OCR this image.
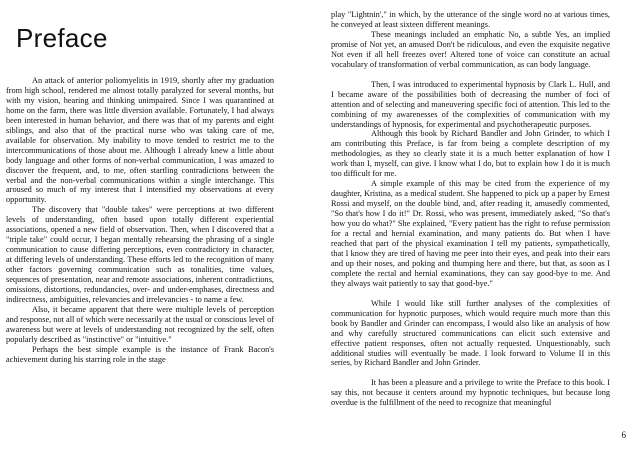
Preface

An attack of anterior poliomyelitis in 1919, shortly after my graduation from high school, rendered me almost totally paralyzed for several months, but with my vision, hearing and thinking unimpaired. Since I was quarantined at home on the farm, there was little diversion available. Fortunately, I had always been interested in human behavior, and there was that of my parents and eight siblings, and also that of the practical nurse who was taking care of me, available for observation. My inability to move tended to restrict me to the intercommunications of those about me. Although I already knew a little about body language and other forms of non-verbal communication, I was amazed to discover the frequent, and, to me, often startling contradictions between the verbal and the non-verbal communications within a single interchange. This aroused so much of my interest that I intensified my observations at every opportunity.

The discovery that "double takes" were perceptions at two different levels of understanding, often based upon totally different experiential associations, opened a new field of observation. Then, when I discovered that a "triple take" could occur, I began mentally rehearsing the phrasing of a single communication to cause differing perceptions, even contradictory in character, at differing levels of understanding. These efforts led to the recognition of many other factors governing communication such as tonalities, time values, sequences of presentation, near and remote associations, inherent contradictions, omissions, distortions, redundancies, over- and under-emphases, directness and indirectness, ambiguities, relevancies and irrelevancies - to name a few.

Also, it became apparent that there were multiple levels of perception and response, not all of which were necessarily at the usual or conscious level of awareness but were at levels of understanding not recognized by the self, often popularly described as "instinctive" or "intuitive."

Perhaps the best simple example is the instance of Frank Bacon's achievement during his starring role in the stage

play "Lightnin'," in which, by the utterance of the single word no at various times, he conveyed at least sixteen different meanings.

These meanings included an emphatic No, a subtle Yes, an implied promise of Not yet, an amused Don't be ridiculous, and even the exquisite negative Not even if all hell freezes over! Altered tone of voice can constitute an actual vocabulary of transformation of verbal communication, as can body language.

Then, I was introduced to experimental hypnosis by Clark L. Hull, and I became aware of the possibilities both of decreasing the number of foci of attention and of selecting and maneuvering specific foci of attention. This led to the combining of my awarenesses of the complexities of communication with my understandings of hypnosis, for experimental and psychotherapeutic purposes.

Although this book by Richard Bandler and John Grinder, to which I am contributing this Preface, is far from being a complete description of my methodologies, as they so clearly state it is a much better explanation of how I work than I, myself, can give. I know what I do, but to explain how I do it is much too difficult for me.

A simple example of this may be cited from the experience of my daughter, Kristina, as a medical student. She happened to pick up a paper by Ernest Rossi and myself, on the double bind, and, after reading it, amusedly commented, "So that's how I do it!" Dr. Rossi, who was present, immediately asked, "So that's how you do what?" She explained, "Every patient has the right to refuse permission for a rectal and hernial examination, and many patients do. But when I have reached that part of the physical examination I tell my patients, sympathetically, that I know they are tired of having me peer into their eyes, and peak into their ears and up their noses, and poking and thumping here and there, but that, as soon as I complete the rectal and hernial examinations, they can say good-bye to me. And they always wait patiently to say that good-bye."

While I would like still further analyses of the complexities of communication for hypnotic purposes, which would require much more than this book by Bandler and Grinder can encompass, I would also like an analysis of how and why carefully structured communications can elicit such extensive and effective patient responses, often not actually requested. Unquestionably, such additional studies will eventually be made. I look forward to Volume II in this series, by Richard Bandler and John Grinder.

It has been a pleasure and a privilege to write the Preface to this book. I say this, not because it centers around my hypnotic techniques, but because long overdue is the fulfillment of the need to recognize that meaningful

6
